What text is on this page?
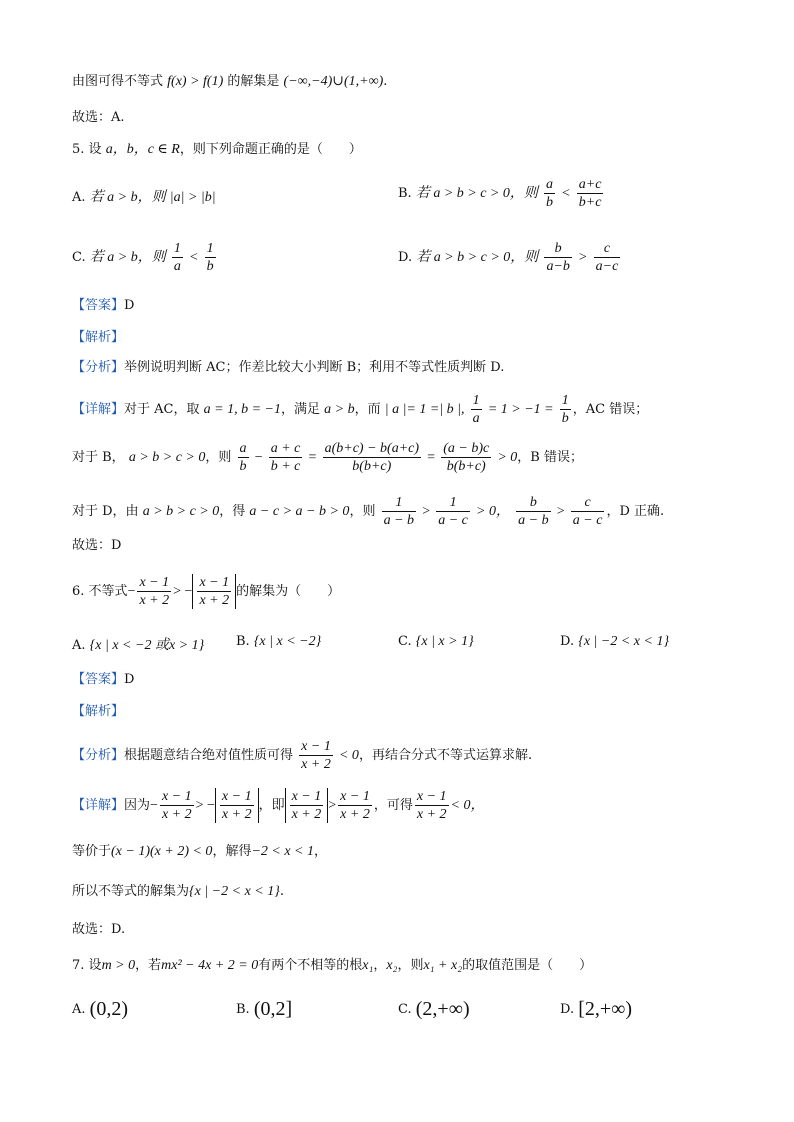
由图可得不等式 f(x) > f(1) 的解集是 (−∞,−4)∪(1,+∞).
故选：A.
5. 设 a，b，c ∈ R，则下列命题正确的是（　　）
A. 若 a > b，则 |a| > |b|	B. 若 a > b > c > 0，则 $\frac{a}{b} < \frac{a+c}{b+c}$
C. 若 a > b，则 $\frac{1}{a} < \frac{1}{b}$	D. 若 a > b > c > 0，则 $\frac{b}{a-b} > \frac{c}{a-c}$
【答案】D
【解析】
【分析】举例说明判断 AC；作差比较大小判断 B；利用不等式性质判断 D.
【详解】对于 AC，取 a = 1, b = −1，满足 a > b，而 | a |= 1 =| b |, $\frac{1}{a} = 1 > -1 = \frac{1}{b}$ ，AC 错误；
对于 B， a > b > c > 0，则 $\frac{a}{b} - \frac{a + c}{b + c} = \frac{a(b+c) - b(a+c)}{b(b+c)} = \frac{(a - b)c}{b(b+c)} > 0$，B 错误；
对于 D，由 a > b > c > 0，得 a − c > a − b > 0，则 $\frac{1}{a - b} > \frac{1}{a - c} > 0$， $\frac{b}{a - b} > \frac{c}{a - c}$ ，D 正确.
故选：D
6. 不等式− $\frac{x - 1}{x + 2}$ > − $\frac{x - 1}{x + 2}$ 的解集为（　　）
A. {x | x < −2 或x > 1} B. {x | x < −2}	C. {x | x > 1}	D. {x | −2 < x < 1}
【答案】D
【解析】
【分析】根据题意结合绝对值性质可得 $\frac{x - 1}{x + 2} < 0$，再结合分式不等式运算求解.
【详解】因为− $\frac{x - 1}{x + 2}$ > − $\frac{x - 1}{x + 2}$ ，即 $\frac{x - 1}{x + 2} > \frac{x - 1}{x + 2}$ ，可得 $\frac{x - 1}{x + 2} < 0$，
等价于(x − 1)(x + 2) < 0，解得−2 < x < 1，
所以不等式的解集为{x | −2 < x < 1}.
故选：D.
7. 设m > 0，若mx² − 4x + 2 = 0有两个不相等的根x₁，x₂，则x₁ + x₂的取值范围是（　　）
A. (0,2)	B. (0,2]	C. (2,+∞)	D. [2,+∞)
